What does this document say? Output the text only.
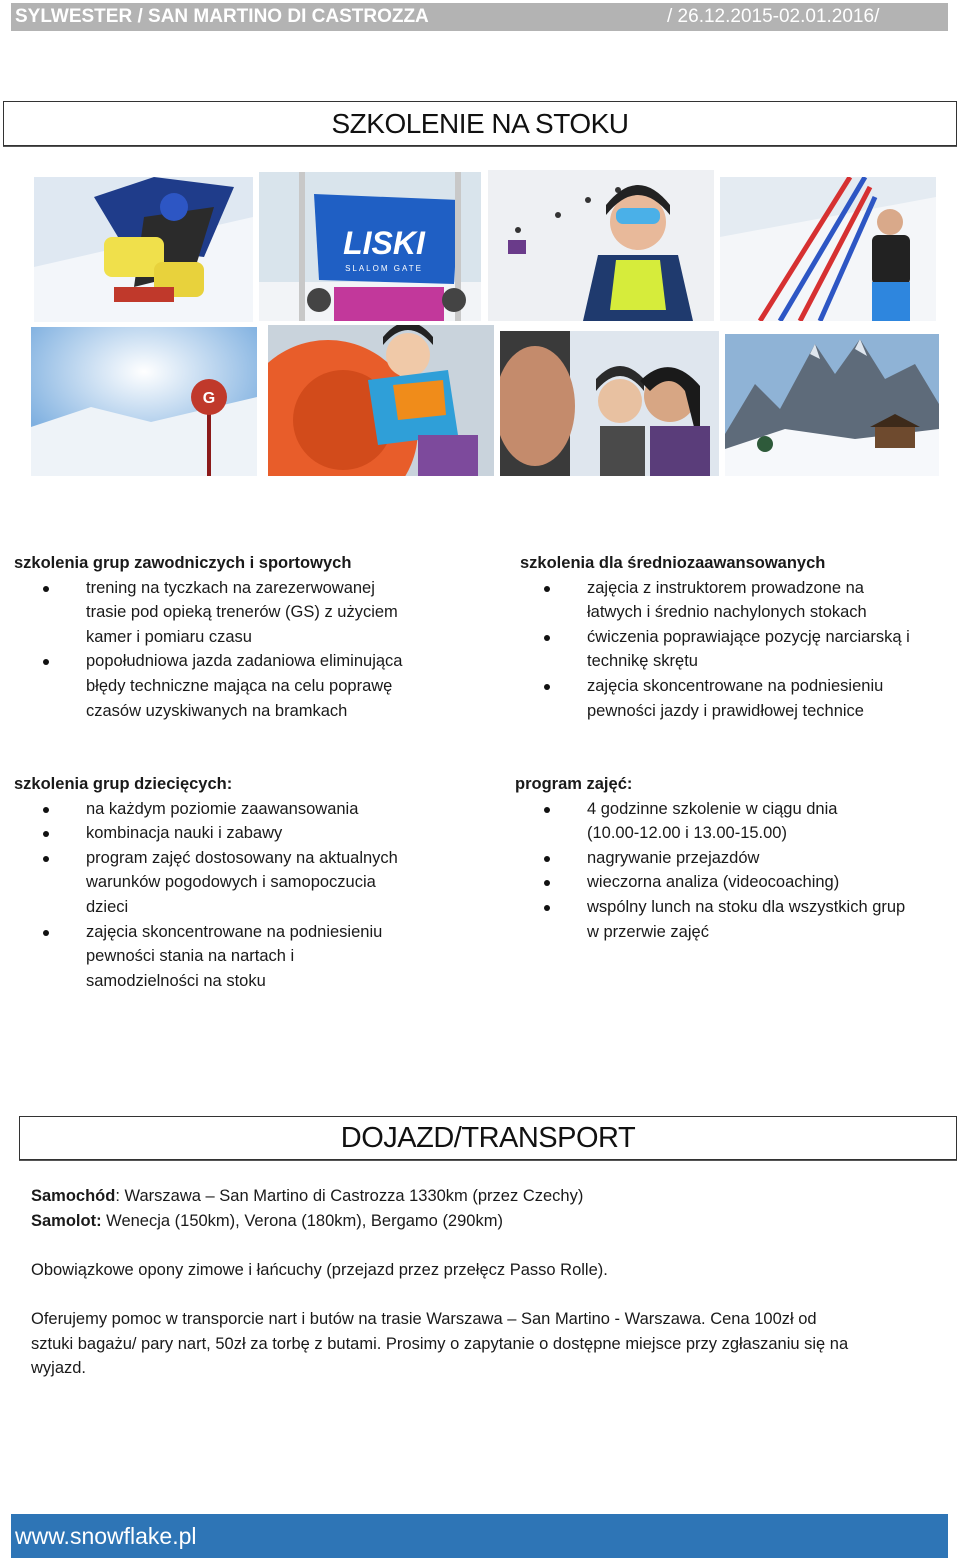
SYLWESTER / SAN MARTINO DI CASTROZZA	/ 26.12.2015-02.01.2016/
SZKOLENIE NA STOKU
LISKI
SLALOM GATE
G
szkolenia grup zawodniczych i sportowych
trening na tyczkach na zarezerwowanej
trasie pod opieką trenerów (GS) z użyciem
kamer i pomiaru czasu
popołudniowa jazda zadaniowa eliminująca
błędy techniczne mająca na celu poprawę
czasów uzyskiwanych na bramkach
szkolenia dla średniozaawansowanych
zajęcia z instruktorem prowadzone na
łatwych i średnio nachylonych stokach
ćwiczenia poprawiające pozycję narciarską i
technikę skrętu
zajęcia skoncentrowane na podniesieniu
pewności jazdy i prawidłowej technice
szkolenia grup dziecięcych:
na każdym poziomie zaawansowania
kombinacja nauki i zabawy
program zajęć dostosowany na aktualnych
warunków pogodowych i samopoczucia
dzieci
zajęcia skoncentrowane na podniesieniu
pewności stania na nartach i
samodzielności na stoku
program zajęć:
4 godzinne szkolenie w ciągu dnia
(10.00-12.00 i 13.00-15.00)
nagrywanie przejazdów
wieczorna analiza (videocoaching)
wspólny lunch na stoku dla wszystkich grup
w przerwie zajęć
DOJAZD/TRANSPORT
Samochód: Warszawa – San Martino di Castrozza 1330km (przez Czechy)
Samolot: Wenecja (150km), Verona (180km), Bergamo (290km)
Obowiązkowe opony zimowe i łańcuchy (przejazd przez przełęcz Passo Rolle).
Oferujemy pomoc w transporcie nart i butów na trasie Warszawa – San Martino - Warszawa. Cena 100zł od
sztuki bagażu/ pary nart, 50zł za torbę z butami. Prosimy o zapytanie o dostępne miejsce przy zgłaszaniu się na
wyjazd.
www.snowflake.pl
